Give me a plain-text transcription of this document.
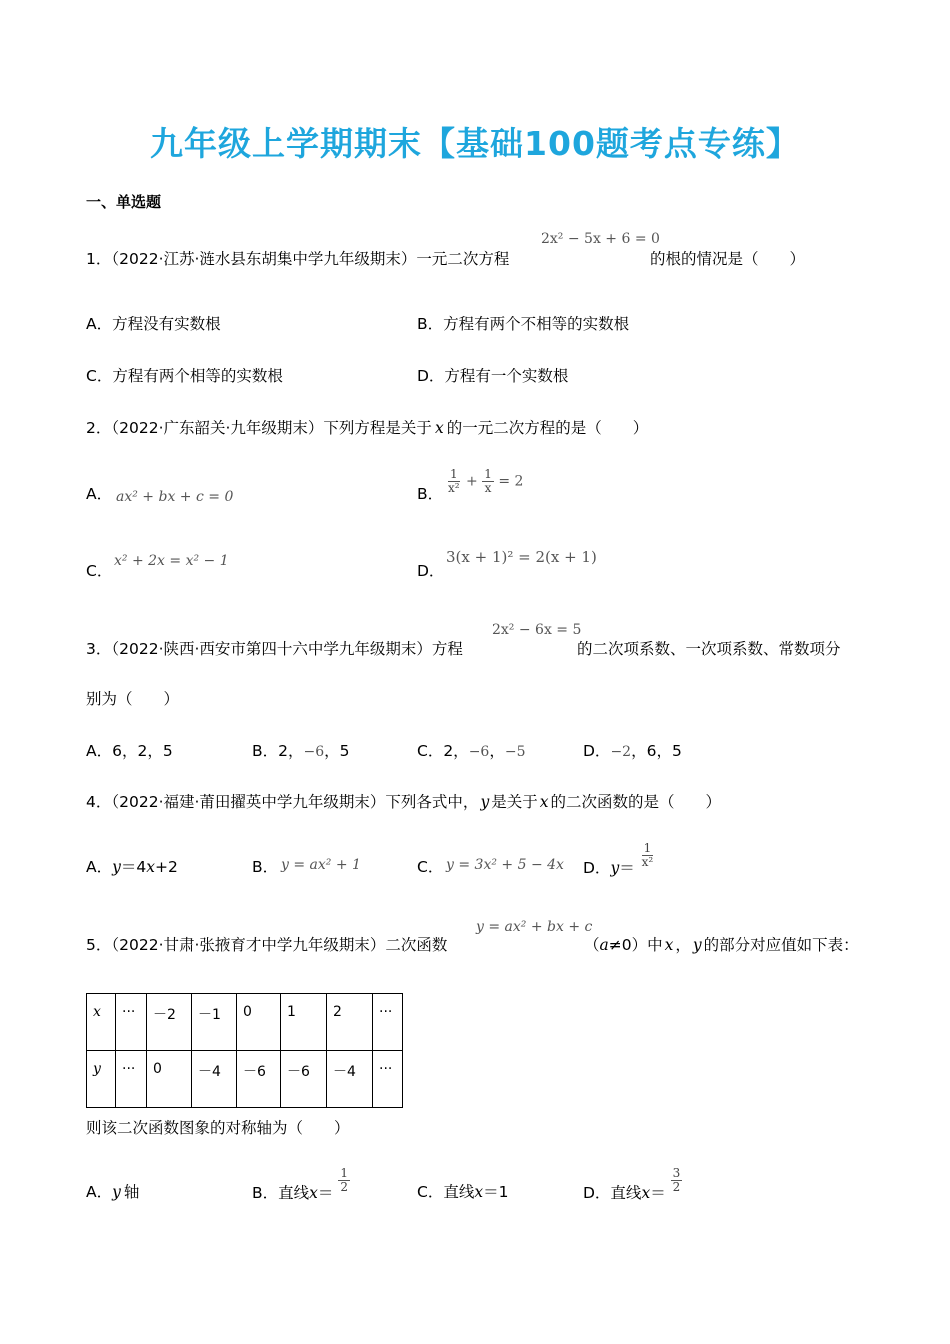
九年级上学期期末【基础100题考点专练】
一、单选题
1．（2022·江苏·涟水县东胡集中学九年级期末）一元二次方程
2x² − 5x + 6 = 0
的根的情况是（　　）
A．方程没有实数根	B．方程有两个不相等的实数根
C．方程有两个相等的实数根	D．方程有一个实数根
2．（2022·广东韶关·九年级期末）下列方程是关于 x 的一元二次方程的是（　　）
A． ax² + bx + c = 0	B． $\frac{1}{\text{x²}} + \frac{1}{x} = 2$
C．
x² + 2x = x² − 1
D．
3(x + 1)² = 2(x + 1)
3．（2022·陕西·西安市第四十六中学九年级期末）方程
2x² − 6x = 5
的二次项系数、一次项系数、常数项分
别为（　　）
A．6，2，5	B．2，−6，5	C．2，−6，−5	D．−2，6，5
4．（2022·福建·莆田擢英中学九年级期末）下列各式中， y 是关于 x 的二次函数的是（　　）
A．y＝4x+2	B． y = ax² + 1	C． y = 3x² + 5 − 4x D．$y= \frac{1}{\text{x²}}$
5．（2022·甘肃·张掖育才中学九年级期末）二次函数
y = ax² + bx + c
（a≠0）中 x ， y 的部分对应值如下表：
x	···	－2	－1	0	1	2	···
y	···	0	－4	－6	－6	－4	···
则该二次函数图象的对称轴为（　　）
A．y 轴	B．直线$x= \frac{1}{2}$	C．直线x＝1	D．直线$x= \frac{3}{2}$
